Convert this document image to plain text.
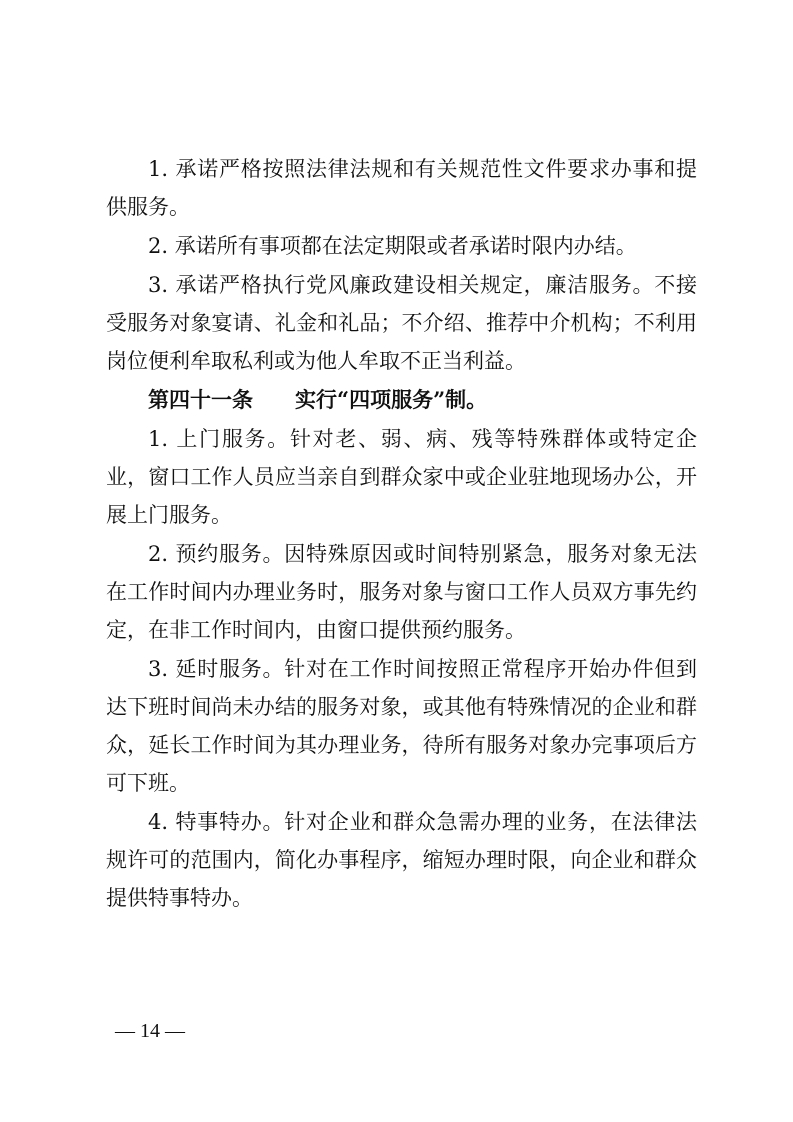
1. 承诺严格按照法律法规和有关规范性文件要求办事和提供服务。

2. 承诺所有事项都在法定期限或者承诺时限内办结。

3. 承诺严格执行党风廉政建设相关规定，廉洁服务。不接受服务对象宴请、礼金和礼品；不介绍、推荐中介机构；不利用岗位便利牟取私利或为他人牟取不正当利益。

第四十一条 实行“四项服务”制。

1. 上门服务。针对老、弱、病、残等特殊群体或特定企业，窗口工作人员应当亲自到群众家中或企业驻地现场办公，开展上门服务。

2. 预约服务。因特殊原因或时间特别紧急，服务对象无法在工作时间内办理业务时，服务对象与窗口工作人员双方事先约定，在非工作时间内，由窗口提供预约服务。

3. 延时服务。针对在工作时间按照正常程序开始办件但到达下班时间尚未办结的服务对象，或其他有特殊情况的企业和群众，延长工作时间为其办理业务，待所有服务对象办完事项后方可下班。

4. 特事特办。针对企业和群众急需办理的业务，在法律法规许可的范围内，简化办事程序，缩短办理时限，向企业和群众提供特事特办。

— 14 —
